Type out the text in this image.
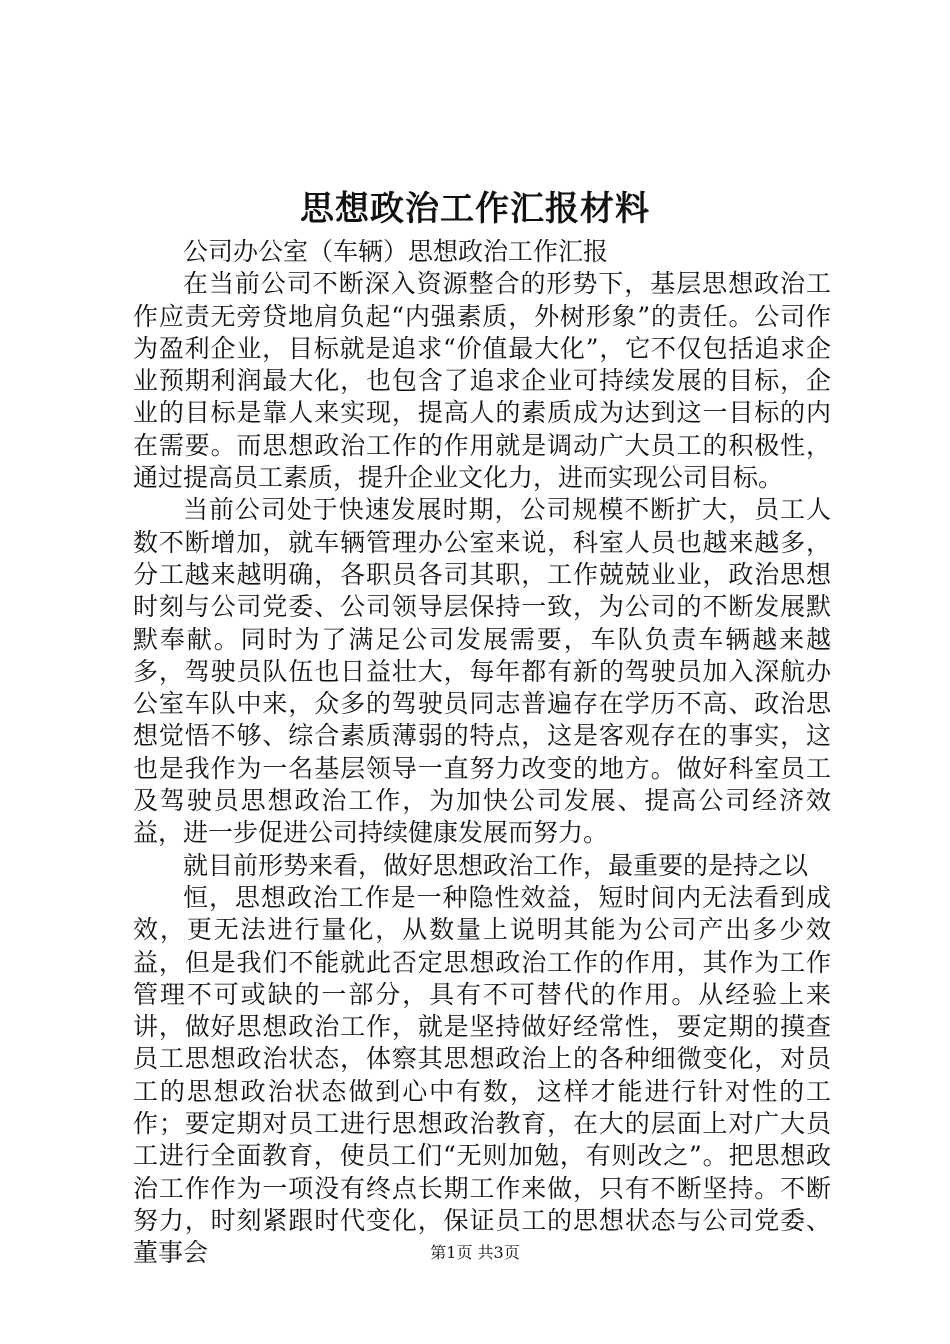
思想政治工作汇报材料

公司办公室（车辆）思想政治工作汇报

在当前公司不断深入资源整合的形势下，基层思想政治工作应责无旁贷地肩负起“内强素质，外树形象”的责任。公司作为盈利企业，目标就是追求“价值最大化”，它不仅包括追求企业预期利润最大化，也包含了追求企业可持续发展的目标，企业的目标是靠人来实现，提高人的素质成为达到这一目标的内在需要。而思想政治工作的作用就是调动广大员工的积极性，通过提高员工素质，提升企业文化力，进而实现公司目标。

当前公司处于快速发展时期，公司规模不断扩大，员工人数不断增加，就车辆管理办公室来说，科室人员也越来越多，分工越来越明确，各职员各司其职，工作兢兢业业，政治思想时刻与公司党委、公司领导层保持一致，为公司的不断发展默默奉献。同时为了满足公司发展需要，车队负责车辆越来越多，驾驶员队伍也日益壮大，每年都有新的驾驶员加入深航办公室车队中来，众多的驾驶员同志普遍存在学历不高、政治思想觉悟不够、综合素质薄弱的特点，这是客观存在的事实，这也是我作为一名基层领导一直努力改变的地方。做好科室员工及驾驶员思想政治工作，为加快公司发展、提高公司经济效益，进一步促进公司持续健康发展而努力。

就目前形势来看，做好思想政治工作，最重要的是持之以

恒，思想政治工作是一种隐性效益，短时间内无法看到成效，更无法进行量化，从数量上说明其能为公司产出多少效益，但是我们不能就此否定思想政治工作的作用，其作为工作管理不可或缺的一部分，具有不可替代的作用。从经验上来讲，做好思想政治工作，就是坚持做好经常性，要定期的摸查员工思想政治状态，体察其思想政治上的各种细微变化，对员工的思想政治状态做到心中有数，这样才能进行针对性的工作；要定期对员工进行思想政治教育，在大的层面上对广大员工进行全面教育，使员工们“无则加勉，有则改之”。把思想政治工作作为一项没有终点长期工作来做，只有不断坚持。不断努力，时刻紧跟时代变化，保证员工的思想状态与公司党委、董事会	第1页 共3页
